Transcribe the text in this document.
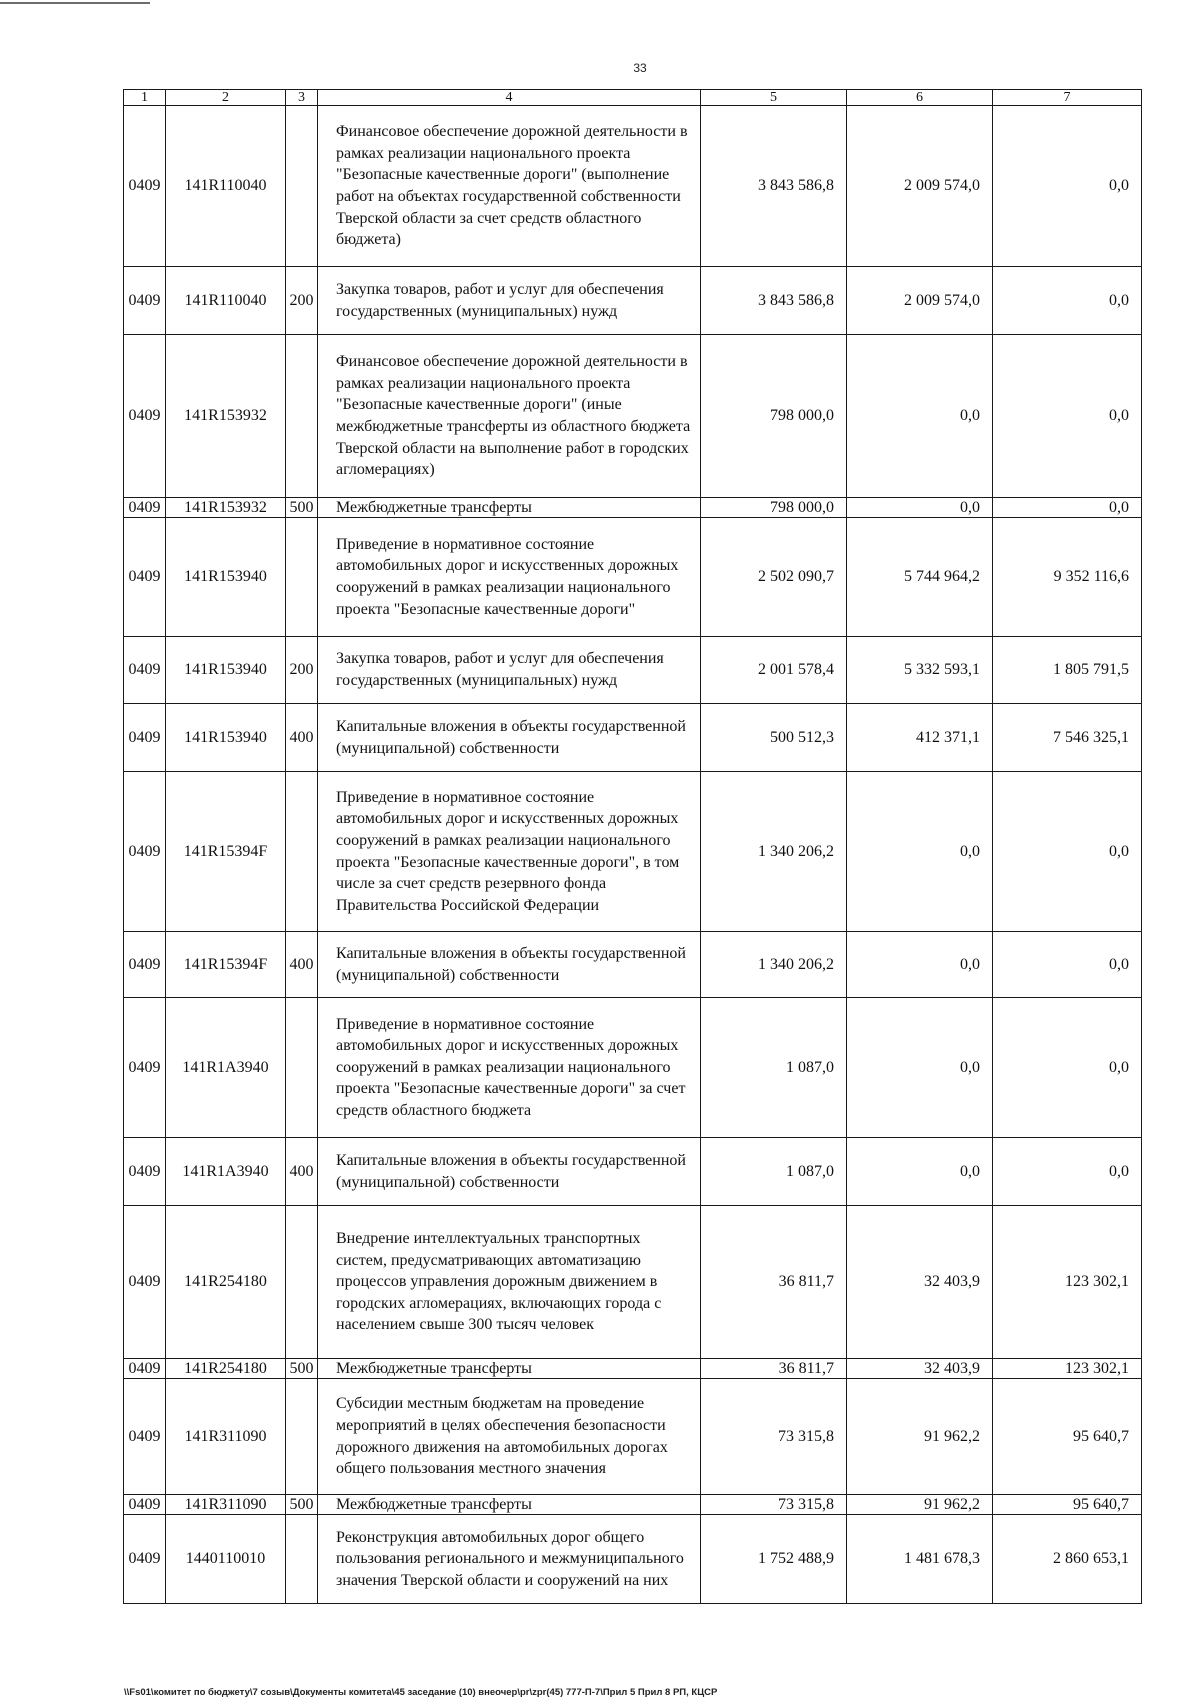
33
1	2	3	4	5	6	7
0409	141R110040		Финансовое обеспечение дорожной деятельности в рамках реализации национального проекта "Безопасные качественные дороги" (выполнение работ на объектах государственной собственности Тверской области за счет средств областного бюджета)	3 843 586,8	2 009 574,0	0,0
0409	141R110040	200	Закупка товаров, работ и услуг для обеспечения государственных (муниципальных) нужд	3 843 586,8	2 009 574,0	0,0
0409	141R153932		Финансовое обеспечение дорожной деятельности в рамках реализации национального проекта "Безопасные качественные дороги" (иные межбюджетные трансферты из областного бюджета Тверской области на выполнение работ в городских агломерациях)	798 000,0	0,0	0,0
0409	141R153932	500	Межбюджетные трансферты	798 000,0	0,0	0,0
0409	141R153940		Приведение в нормативное состояние автомобильных дорог и искусственных дорожных сооружений в рамках реализации национального проекта "Безопасные качественные дороги"	2 502 090,7	5 744 964,2	9 352 116,6
0409	141R153940	200	Закупка товаров, работ и услуг для обеспечения государственных (муниципальных) нужд	2 001 578,4	5 332 593,1	1 805 791,5
0409	141R153940	400	Капитальные вложения в объекты государственной (муниципальной) собственности	500 512,3	412 371,1	7 546 325,1
0409	141R15394F		Приведение в нормативное состояние автомобильных дорог и искусственных дорожных сооружений в рамках реализации национального проекта "Безопасные качественные дороги", в том числе за счет средств резервного фонда Правительства Российской Федерации	1 340 206,2	0,0	0,0
0409	141R15394F	400	Капитальные вложения в объекты государственной (муниципальной) собственности	1 340 206,2	0,0	0,0
0409	141R1A3940		Приведение в нормативное состояние автомобильных дорог и искусственных дорожных сооружений в рамках реализации национального проекта "Безопасные качественные дороги" за счет средств областного бюджета	1 087,0	0,0	0,0
0409	141R1A3940	400	Капитальные вложения в объекты государственной (муниципальной) собственности	1 087,0	0,0	0,0
0409	141R254180		Внедрение интеллектуальных транспортных систем, предусматривающих автоматизацию процессов управления дорожным движением в городских агломерациях, включающих города с населением свыше 300 тысяч человек	36 811,7	32 403,9	123 302,1
0409	141R254180	500	Межбюджетные трансферты	36 811,7	32 403,9	123 302,1
0409	141R311090		Субсидии местным бюджетам на проведение мероприятий в целях обеспечения безопасности дорожного движения на автомобильных дорогах общего пользования местного значения	73 315,8	91 962,2	95 640,7
0409	141R311090	500	Межбюджетные трансферты	73 315,8	91 962,2	95 640,7
0409	1440110010		Реконструкция автомобильных дорог общего пользования регионального и межмуниципального значения Тверской области и сооружений на них	1 752 488,9	1 481 678,3	2 860 653,1
\\Fs01\комитет по бюджету\7 созыв\Документы комитета\45 заседание (10) внеочер\pr\zpr(45) 777-П-7\Прил 5 Прил 8 РП, КЦСР
